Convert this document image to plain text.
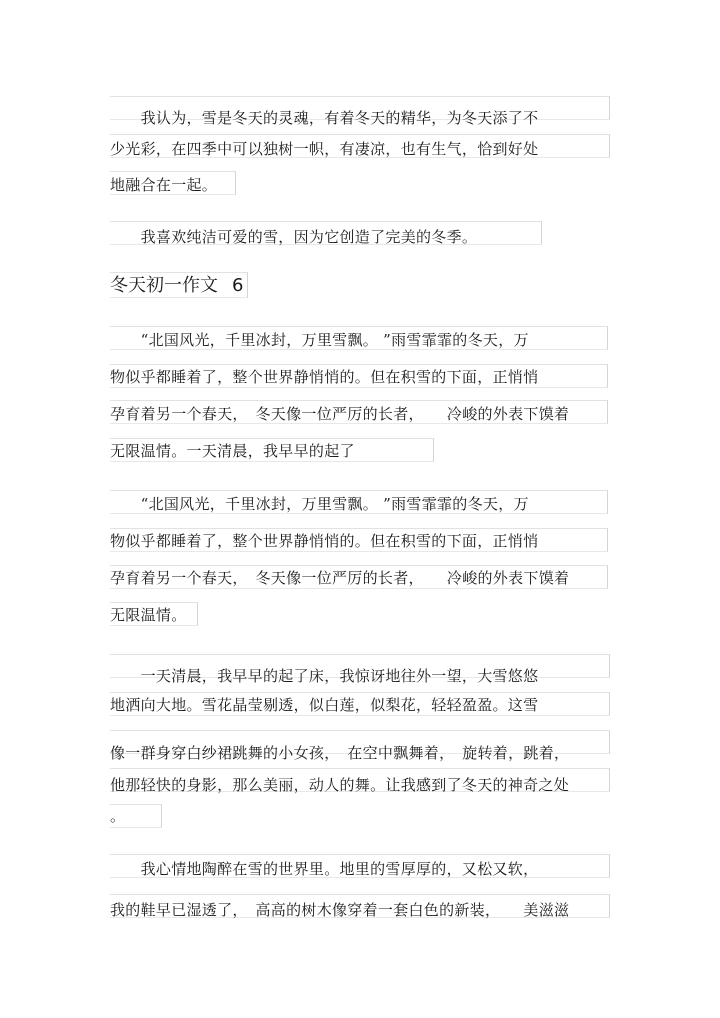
　　我认为，雪是冬天的灵魂，有着冬天的精华，为冬天添了不
少光彩，在四季中可以独树一帜，有凄凉，也有生气，恰到好处
地融合在一起。
　　我喜欢纯洁可爱的雪，因为它创造了完美的冬季。
冬天初一作文 6
　　“北国风光，千里冰封，万里雪飘。 ”雨雪霏霏的冬天，万
物似乎都睡着了，整个世界静悄悄的。但在积雪的下面，正悄悄
孕育着另一个春天，　冬天像一位严厉的长者，　　冷峻的外表下馍着
无限温情。一天清晨，我早早的起了
　　“北国风光，千里冰封，万里雪飘。 ”雨雪霏霏的冬天，万
物似乎都睡着了，整个世界静悄悄的。但在积雪的下面，正悄悄
孕育着另一个春天，　冬天像一位严厉的长者，　　冷峻的外表下馍着
无限温情。
　　一天清晨，我早早的起了床，我惊讶地往外一望，大雪悠悠
地洒向大地。雪花晶莹剔透，似白莲，似梨花，轻轻盈盈。这雪
像一群身穿白纱裙跳舞的小女孩，　在空中飘舞着，　旋转着，跳着，
他那轻快的身影，那么美丽，动人的舞。让我感到了冬天的神奇之处
。
　　我心情地陶醉在雪的世界里。地里的雪厚厚的，又松又软，
我的鞋早已湿透了，　高高的树木像穿着一套白色的新装，　　美滋滋
